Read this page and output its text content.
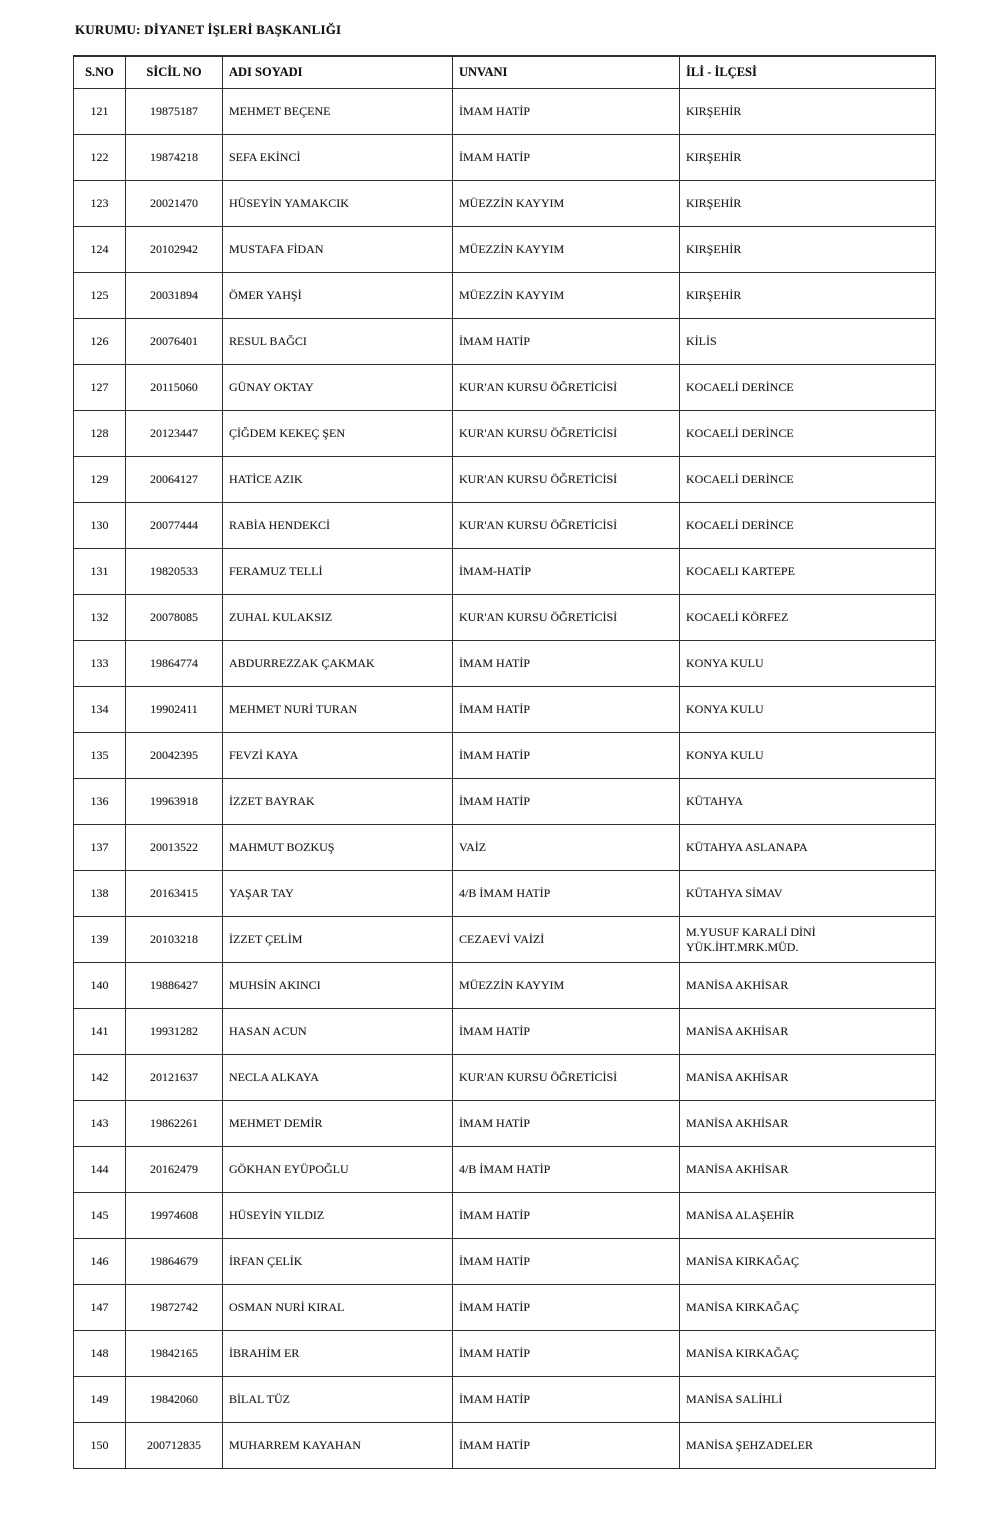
KURUMU: DİYANET İŞLERİ BAŞKANLIĞI
S.NO	SİCİL NO	ADI SOYADI	UNVANI	İLİ - İLÇESİ
121	19875187	MEHMET BEÇENE	İMAM HATİP	KIRŞEHİR
122	19874218	SEFA EKİNCİ	İMAM HATİP	KIRŞEHİR
123	20021470	HÜSEYİN YAMAKCIK	MÜEZZİN KAYYIM	KIRŞEHİR
124	20102942	MUSTAFA FİDAN	MÜEZZİN KAYYIM	KIRŞEHİR
125	20031894	ÖMER YAHŞİ	MÜEZZİN KAYYIM	KIRŞEHİR
126	20076401	RESUL BAĞCI	İMAM HATİP	KİLİS
127	20115060	GÜNAY OKTAY	KUR'AN KURSU ÖĞRETİCİSİ	KOCAELİ DERİNCE
128	20123447	ÇİĞDEM KEKEÇ ŞEN	KUR'AN KURSU ÖĞRETİCİSİ	KOCAELİ DERİNCE
129	20064127	HATİCE AZIK	KUR'AN KURSU ÖĞRETİCİSİ	KOCAELİ DERİNCE
130	20077444	RABİA HENDEKCİ	KUR'AN KURSU ÖĞRETİCİSİ	KOCAELİ DERİNCE
131	19820533	FERAMUZ TELLİ	İMAM-HATİP	KOCAELI KARTEPE
132	20078085	ZUHAL KULAKSIZ	KUR'AN KURSU ÖĞRETİCİSİ	KOCAELİ KÖRFEZ
133	19864774	ABDURREZZAK ÇAKMAK	İMAM HATİP	KONYA KULU
134	19902411	MEHMET NURİ TURAN	İMAM HATİP	KONYA KULU
135	20042395	FEVZİ KAYA	İMAM HATİP	KONYA KULU
136	19963918	İZZET BAYRAK	İMAM HATİP	KÜTAHYA
137	20013522	MAHMUT BOZKUŞ	VAİZ	KÜTAHYA ASLANAPA
138	20163415	YAŞAR TAY	4/B İMAM HATİP	KÜTAHYA SİMAV
139	20103218	İZZET ÇELİM	CEZAEVİ VAİZİ	M.YUSUF KARALİ DİNİ YÜK.İHT.MRK.MÜD.
140	19886427	MUHSİN AKINCI	MÜEZZİN KAYYIM	MANİSA AKHİSAR
141	19931282	HASAN ACUN	İMAM HATİP	MANİSA AKHİSAR
142	20121637	NECLA ALKAYA	KUR'AN KURSU ÖĞRETİCİSİ	MANİSA AKHİSAR
143	19862261	MEHMET DEMİR	İMAM HATİP	MANİSA AKHİSAR
144	20162479	GÖKHAN EYÜPOĞLU	4/B İMAM HATİP	MANİSA AKHİSAR
145	19974608	HÜSEYİN YILDIZ	İMAM HATİP	MANİSA ALAŞEHİR
146	19864679	İRFAN ÇELİK	İMAM HATİP	MANİSA KIRKAĞAÇ
147	19872742	OSMAN NURİ KIRAL	İMAM HATİP	MANİSA KIRKAĞAÇ
148	19842165	İBRAHİM ER	İMAM HATİP	MANİSA KIRKAĞAÇ
149	19842060	BİLAL TÜZ	İMAM HATİP	MANİSA SALİHLİ
150	200712835	MUHARREM KAYAHAN	İMAM HATİP	MANİSA ŞEHZADELER
